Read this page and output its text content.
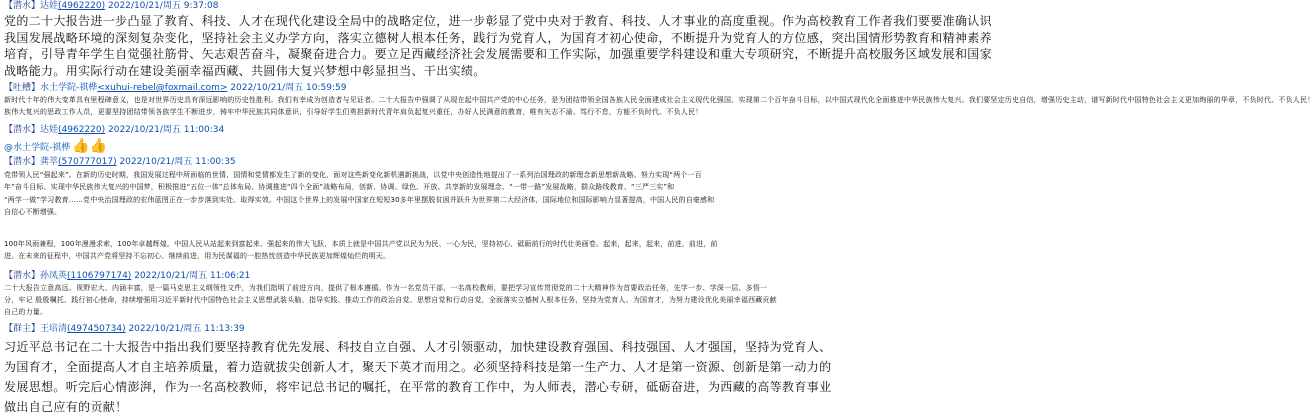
【潜水】达娃(4962220) 2022/10/21/周五 9:37:08
党的二十大报告进一步凸显了教育、科技、人才在现代化建设全局中的战略定位，进一步彰显了党中央对于教育、科技、人才事业的高度重视。作为高校教育工作者我们要要准确认识
我国发展战略环境的深刻复杂变化，坚持社会主义办学方向，落实立德树人根本任务，践行为党育人，为国育才初心使命，不断提升为党育人的方位感，突出国情形势教育和精神素养
培育，引导青年学生自觉强社筋骨、矢志艰苦奋斗，凝聚奋进合力。要立足西藏经济社会发展需要和工作实际，加强重要学科建设和重大专项研究，不断提升高校服务区域发展和国家
战略能力。用实际行动在建设美丽幸福西藏、共圆伟大复兴梦想中彰显担当、干出实绩。
【吐槽】水土学院-祺桦<xuhui-rebel@foxmail.com> 2022/10/21/周五 10:59:59
新时代十年的伟大变革具有里程碑意义，也是对世界历史具有深远影响的历史性胜利。我们有幸成为创造者与见证者。二十大报告中强调了从现在起中国共产党的中心任务，是为团结带领全国各族人民全面建成社会主义现代化强国、实现第二个百年奋斗目标，以中国式现代化全面推进中华民族伟大复兴。我们要坚定历史自信，增强历史主动，谱写新时代中国特色社会主义更加绚丽的华章，不负时代、不负人民！
族伟大复兴的思政工作人员，更要坚持团结带领各族学生不断进步，铸牢中华民族共同体意识，引导好学生们勇担新时代青年肩负起复兴重任，办好人民满意的教育，唯有矢志不渝、笃行不怠，方能不负时代、不负人民！
【潜水】达娃(4962220) 2022/10/21/周五 11:00:34
@水土学院-祺桦 👍👍
【潜水】龚萃(570777017) 2022/10/21/周五 11:00:35
党带领人民“强起来”。在新的历史时期，我国发展过程中所面临的世情、国情和党情都发生了新的变化，面对这些新变化新机遇新挑战，以党中央创造性地提出了一系列治国理政的新理念新思想新战略。努力实现“两个一百
年”奋斗目标、实现中华民族伟大复兴的中国梦，积极推进“五位一体”总体布局、协调推进“四个全面”战略布局，创新、协调、绿色、开放、共享新的发展理念、“一带一路”发展战略，群众路线教育、“三严三实”和
“两学一做”学习教育……党中央治国理政的宏伟蓝图正在一步步落到实处、取得实效。中国这个世界上的发展中国家在短短30多年里摆脱贫困并跃升为世界第二大经济体，国际地位和国际影响力显著提高，中国人民的自豪感和
自信心不断增强。
100年风雨兼程，100年漫漫求索，100年卓越辉煌。中国人民从站起来到富起来、强起来的伟大飞跃，本质上就是中国共产党以民为为民、一心为民，坚持初心、砥砺前行的时代壮美画卷。起来，起来，起来，前进，前进，前
进。在未来的征程中，中国共产党将坚持不忘初心、继续前进，用为民谋福的一腔热忱创造中华民族更加辉煌灿烂的明天。
【潜水】孙凤英(1106797174) 2022/10/21/周五 11:06:21
二十大报告立意高远、视野宏大、内涵丰富，是一篇马克思主义纲领性文件，为我们指明了前进方向，提供了根本遵循。作为一名党员干部，一名高校教师，要把学习宣传贯彻党的二十大精神作为首要政治任务，先学一步、学深一层、多悟一
分，牢记 殷殷嘱托、践行初心使命，持续增强用习近平新时代中国特色社会主义思想武装头脑、指导实践、推动工作的政治自觉、思想自觉和行动自觉，全面落实立德树人根本任务，坚持为党育人、为国育才，为努力建设优化美丽幸福西藏贡献
自己的力量。
【群主】王培清(497450734) 2022/10/21/周五 11:13:39
习近平总书记在二十大报告中指出我们要坚持教育优先发展、科技自立自强、人才引领驱动，加快建设教育强国、科技强国、人才强国，坚持为党育人、
为国育才，全面提高人才自主培养质量，着力造就拔尖创新人才，聚天下英才而用之。必须坚持科技是第一生产力、人才是第一资源、创新是第一动力的
发展思想。听完后心情澎湃，作为一名高校教师，将牢记总书记的嘱托，在平常的教育工作中，为人师表，潜心专研，砥砺奋进，为西藏的高等教育事业
做出自己应有的贡献！
